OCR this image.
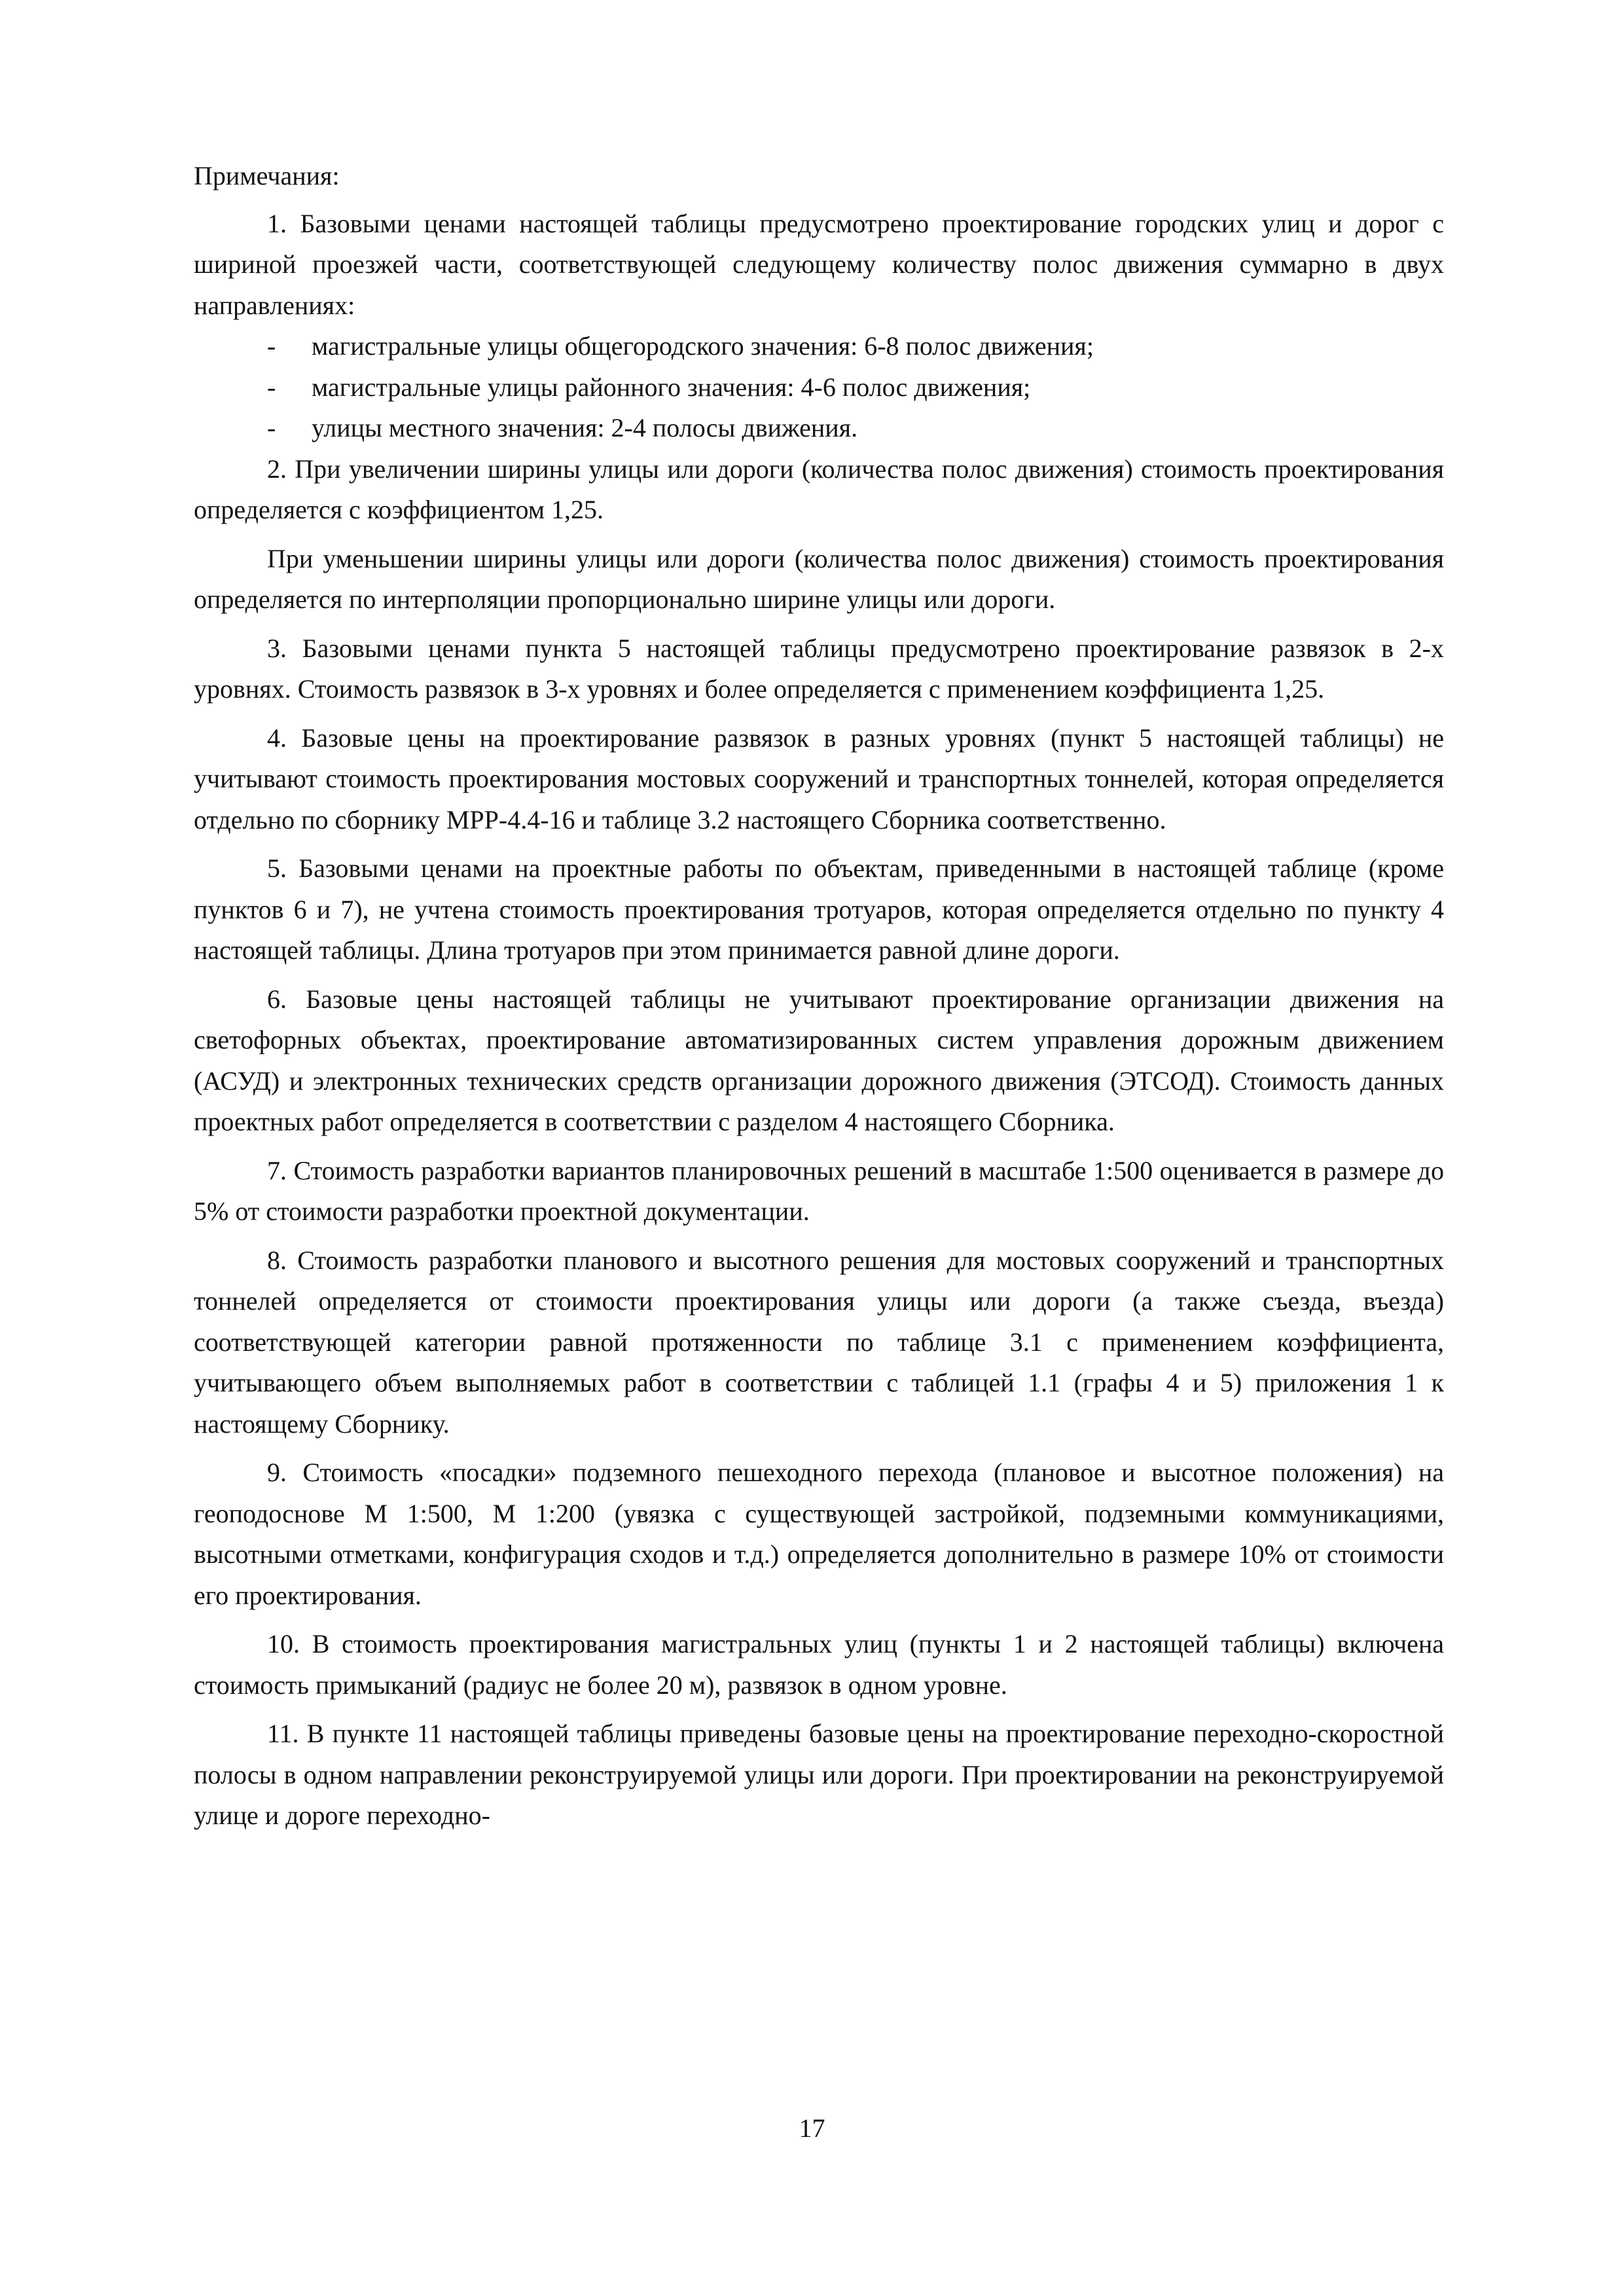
Примечания:

1. Базовыми ценами настоящей таблицы предусмотрено проектирование городских улиц и дорог с шириной проезжей части, соответствующей следующему количеству полос движения суммарно в двух направлениях:

- магистральные улицы общегородского значения: 6-8 полос движения;
- магистральные улицы районного значения: 4-6 полос движения;
- улицы местного значения: 2-4 полосы движения.

2. При увеличении ширины улицы или дороги (количества полос движения) стоимость проектирования определяется с коэффициентом 1,25.

При уменьшении ширины улицы или дороги (количества полос движения) стоимость проектирования определяется по интерполяции пропорционально ширине улицы или дороги.

3. Базовыми ценами пункта 5 настоящей таблицы предусмотрено проектирование развязок в 2-х уровнях. Стоимость развязок в 3-х уровнях и более определяется с применением коэффициента 1,25.

4. Базовые цены на проектирование развязок в разных уровнях (пункт 5 настоящей таблицы) не учитывают стоимость проектирования мостовых сооружений и транспортных тоннелей, которая определяется отдельно по сборнику МРР-4.4-16 и таблице 3.2 настоящего Сборника соответственно.

5. Базовыми ценами на проектные работы по объектам, приведенными в настоящей таблице (кроме пунктов 6 и 7), не учтена стоимость проектирования тротуаров, которая определяется отдельно по пункту 4 настоящей таблицы. Длина тротуаров при этом принимается равной длине дороги.

6. Базовые цены настоящей таблицы не учитывают проектирование организации движения на светофорных объектах, проектирование автоматизированных систем управления дорожным движением (АСУД) и электронных технических средств организации дорожного движения (ЭТСОД). Стоимость данных проектных работ определяется в соответствии с разделом 4 настоящего Сборника.

7. Стоимость разработки вариантов планировочных решений в масштабе 1:500 оценивается в размере до 5% от стоимости разработки проектной документации.

8. Стоимость разработки планового и высотного решения для мостовых сооружений и транспортных тоннелей определяется от стоимости проектирования улицы или дороги (а также съезда, въезда) соответствующей категории равной протяженности по таблице 3.1 с применением коэффициента, учитывающего объем выполняемых работ в соответствии с таблицей 1.1 (графы 4 и 5) приложения 1 к настоящему Сборнику.

9. Стоимость «посадки» подземного пешеходного перехода (плановое и высотное положения) на геоподоснове М 1:500, М 1:200 (увязка с существующей застройкой, подземными коммуникациями, высотными отметками, конфигурация сходов и т.д.) определяется дополнительно в размере 10% от стоимости его проектирования.

10. В стоимость проектирования магистральных улиц (пункты 1 и 2 настоящей таблицы) включена стоимость примыканий (радиус не более 20 м), развязок в одном уровне.

11. В пункте 11 настоящей таблицы приведены базовые цены на проектирование переходно-скоростной полосы в одном направлении реконструируемой улицы или дороги. При проектировании на реконструируемой улице и дороге переходно-

17
